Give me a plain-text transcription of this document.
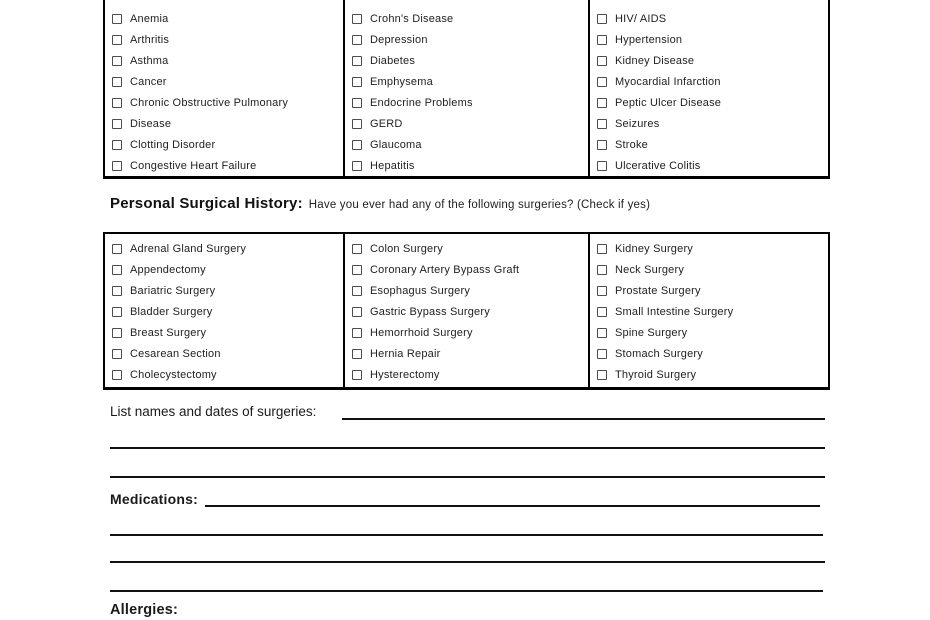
Anemia
Arthritis
Asthma
Cancer
Chronic Obstructive Pulmonary
Disease
Clotting Disorder
Congestive Heart Failure
Crohn's Disease
Depression
Diabetes
Emphysema
Endocrine Problems
GERD
Glaucoma
Hepatitis
HIV/ AIDS
Hypertension
Kidney Disease
Myocardial Infarction
Peptic Ulcer Disease
Seizures
Stroke
Ulcerative Colitis
Personal Surgical History: Have you ever had any of the following surgeries? (Check if yes)
Adrenal Gland Surgery
Appendectomy
Bariatric Surgery
Bladder Surgery
Breast Surgery
Cesarean Section
Cholecystectomy
Colon Surgery
Coronary Artery Bypass Graft
Esophagus Surgery
Gastric Bypass Surgery
Hemorrhoid Surgery
Hernia Repair
Hysterectomy
Kidney Surgery
Neck Surgery
Prostate Surgery
Small Intestine Surgery
Spine Surgery
Stomach Surgery
Thyroid Surgery
List names and dates of surgeries:
Medications:
Allergies:
